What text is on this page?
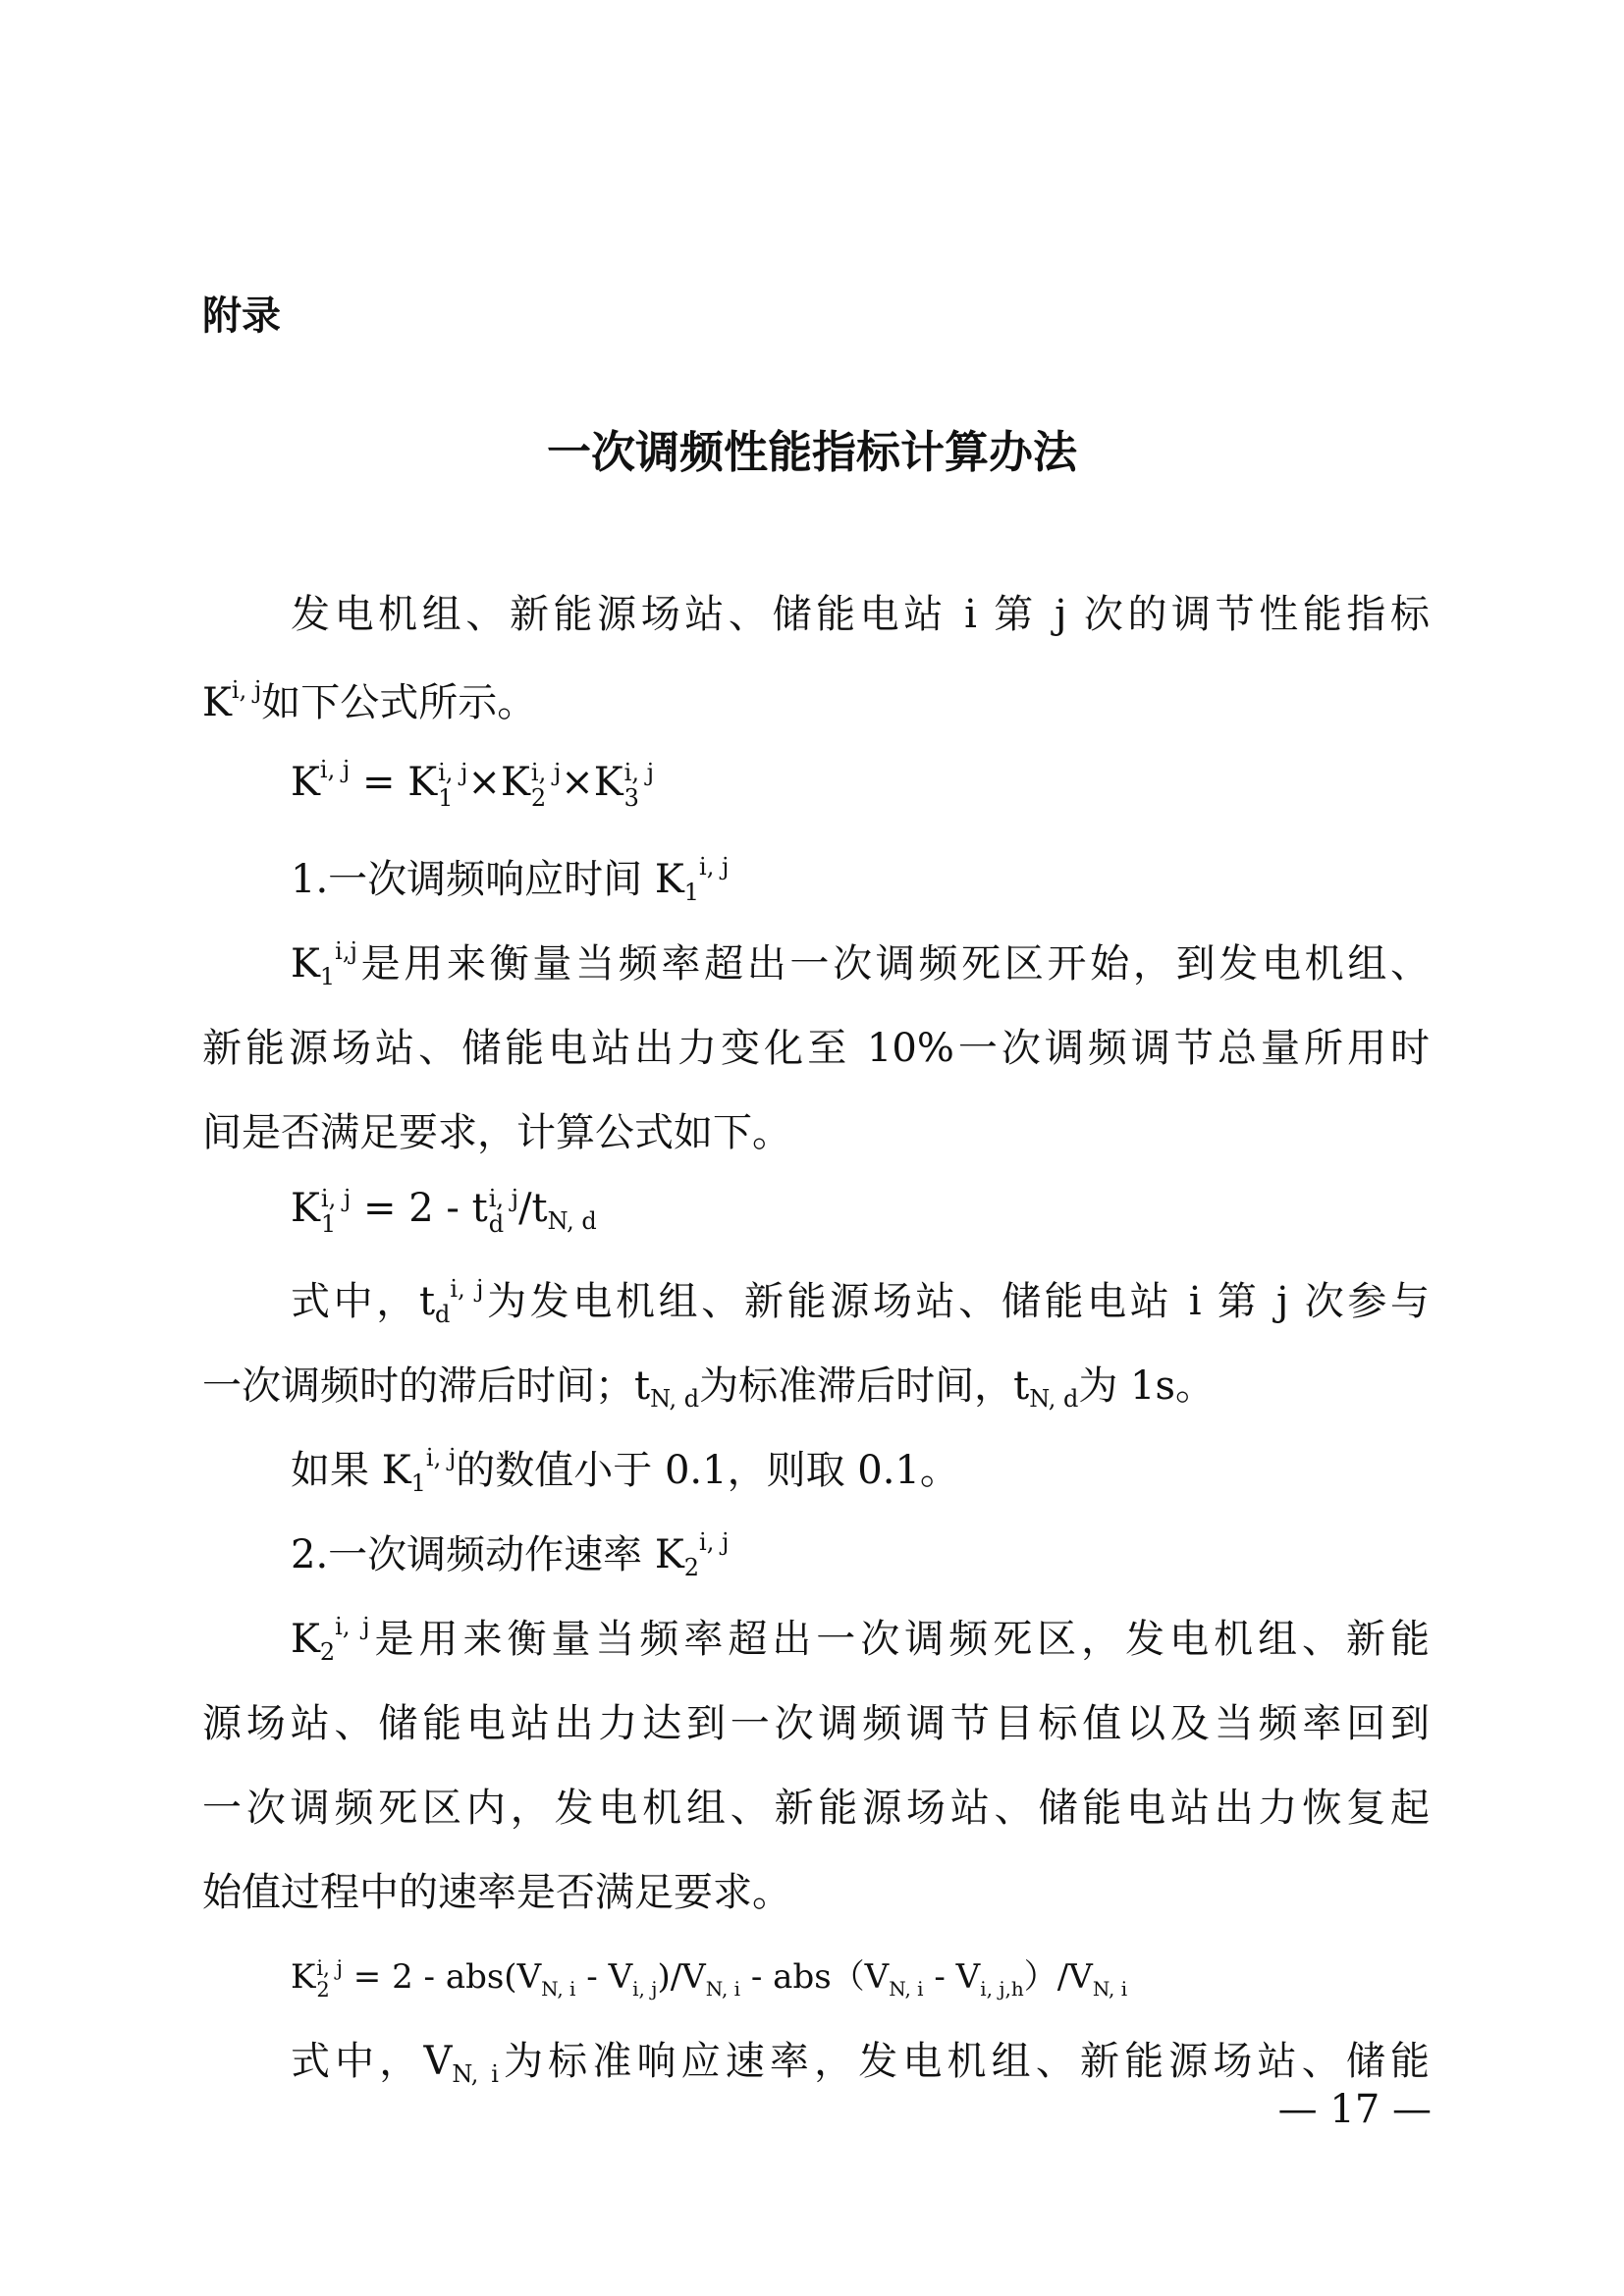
附录

一次调频性能指标计算办法

发电机组、新能源场站、储能电站 i 第 j 次的调节性能指标

K$^{i, j}$如下公式所示。

K$^{i, j}$ = K i, j
1 ×K i, j
2 ×K i, j
3

1.一次调频响应时间 $K_1^{i, j}$

$K_1^{i,j}$是用来衡量当频率超出一次调频死区开始，到发电机组、

新能源场站、储能电站出力变化至 10%一次调频调节总量所用时

间是否满足要求，计算公式如下。

K i, j
1 = 2 - t i, j
d $/t_{N, d}$

式中，$t_d^{i, j}$为发电机组、新能源场站、储能电站 i 第 j 次参与

一次调频时的滞后时间；$t_{N, d}$为标准滞后时间，$t_{N, d}$为 1s。

如果 $K_1^{i, j}$的数值小于 0.1，则取 0.1。

2.一次调频动作速率 $K_2^{i, j}$

$K_2^{i, j}$是用来衡量当频率超出一次调频死区，发电机组、新能

源场站、储能电站出力达到一次调频调节目标值以及当频率回到

一次调频死区内，发电机组、新能源场站、储能电站出力恢复起

始值过程中的速率是否满足要求。

K i, j
$2 = 2 - abs(V_{N, i} - V_{i, j})/V_{N, i} - abs(V_{N, i} - V_{i, j,h})/V_{N, i}$

式中，$V_{N, i}$为标准响应速率，发电机组、新能源场站、储能

— 17 —
